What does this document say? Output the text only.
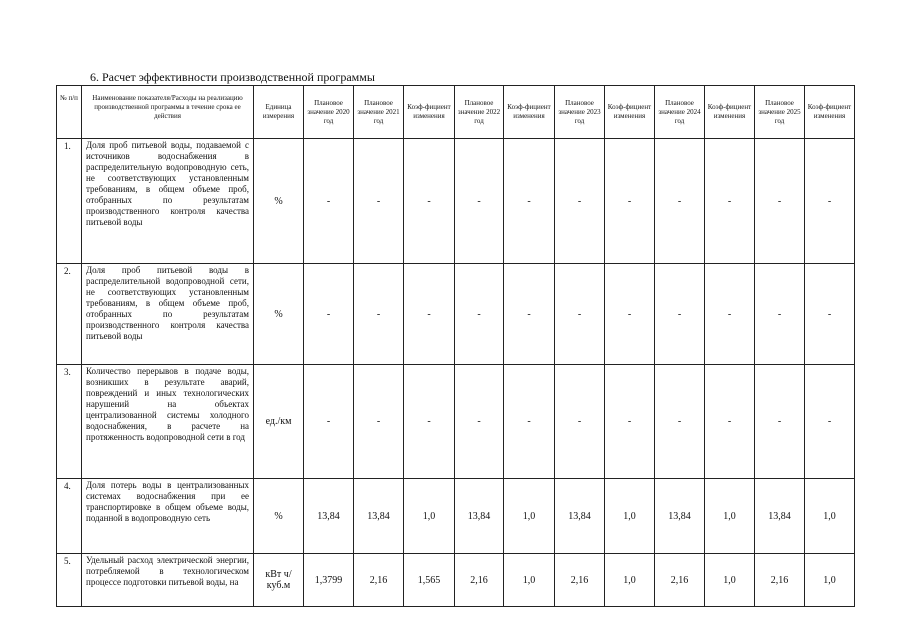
6. Расчет эффективности производственной программы
№ п/п	Наименование показателя/Расходы на реализацию производственной программы в течение срока ее действия	Единица измерения	Плановое значение 2020 год	Плановое значение 2021 год	Коэф-фициент изменения	Плановое значение 2022 год	Коэф-фициент изменения	Плановое значение 2023 год	Коэф-фициент изменения	Плановое значение 2024 год	Коэф-фициент изменения	Плановое значение 2025 год	Коэф-фициент изменения
1.	Доля проб питьевой воды, подаваемой с источников водоснабжения в распределительную водопроводную сеть, не соответствующих установленным требованиям, в общем объеме проб, отобранных по результатам производственного контроля качества питьевой воды	%	-	-	-	-	-	-	-	-	-	-	-
2.	Доля проб питьевой воды в распределительной водопроводной сети, не соответствующих установленным требованиям, в общем объеме проб, отобранных по результатам производственного контроля качества питьевой воды	%	-	-	-	-	-	-	-	-	-	-	-
3.	Количество перерывов в подаче воды, возникших в результате аварий, повреждений и иных технологических нарушений на объектах централизованной системы холодного водоснабжения, в расчете на протяженность водопроводной сети в год	ед./км	-	-	-	-	-	-	-	-	-	-	-
4.	Доля потерь воды в централизованных системах водоснабжения при ее транспортировке в общем объеме воды, поданной в водопроводную сеть	%	13,84	13,84	1,0	13,84	1,0	13,84	1,0	13,84	1,0	13,84	1,0
5.	Удельный расход электрической энергии, потребляемой в технологическом процессе подготовки питьевой воды, на	кВт ч/куб.м	1,3799	2,16	1,565	2,16	1,0	2,16	1,0	2,16	1,0	2,16	1,0
